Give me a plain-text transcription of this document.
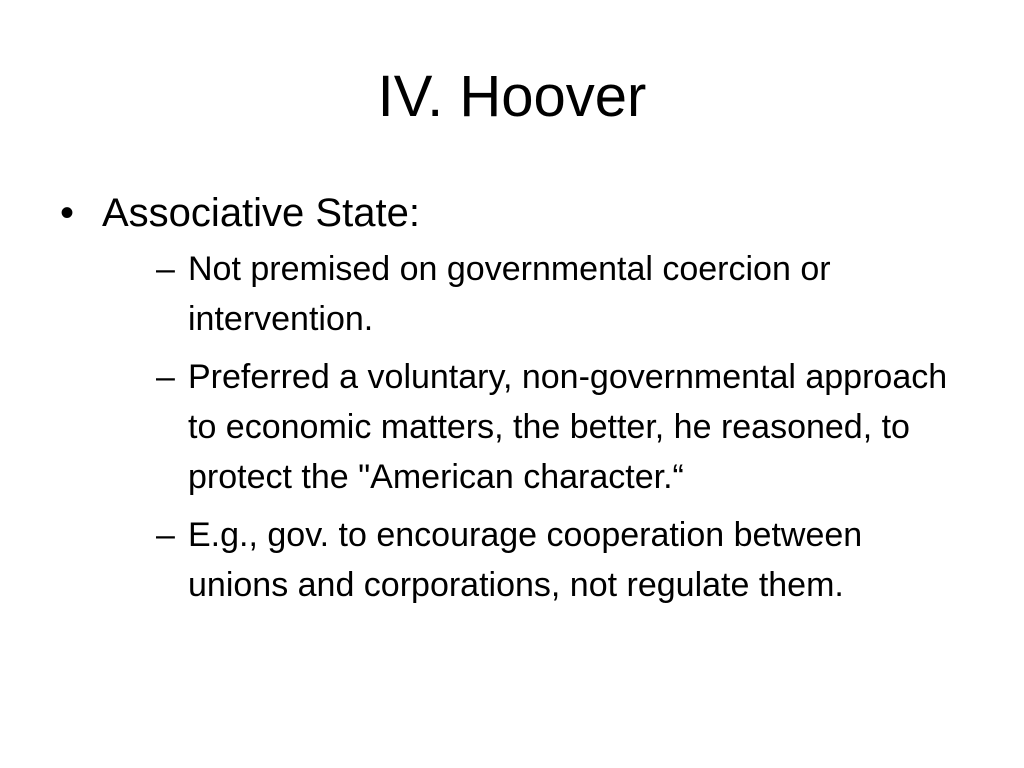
IV. Hoover
• Associative State:
– Not premised on governmental coercion or intervention.
– Preferred a voluntary, non-governmental approach to economic matters, the better, he reasoned, to protect the "American character.“
– E.g., gov. to encourage cooperation between unions and corporations, not regulate them.
